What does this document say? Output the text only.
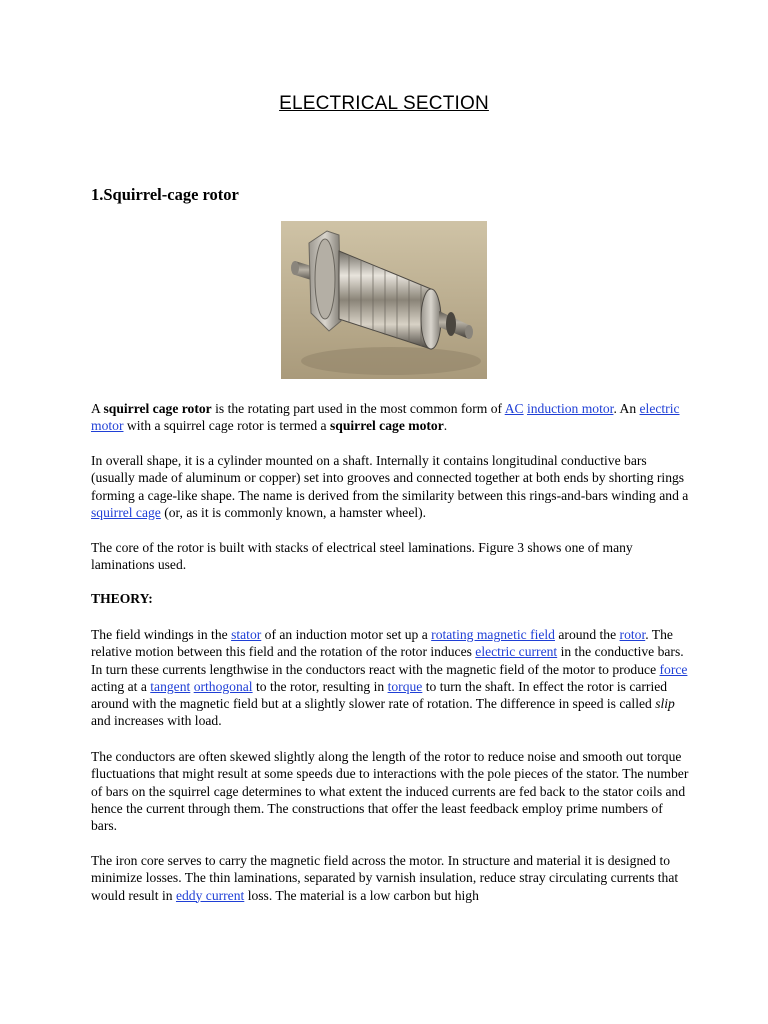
ELECTRICAL SECTION
1.Squirrel-cage rotor

A squirrel cage rotor is the rotating part used in the most common form of AC induction motor. An electric motor with a squirrel cage rotor is termed a squirrel cage motor.

In overall shape, it is a cylinder mounted on a shaft. Internally it contains longitudinal conductive bars (usually made of aluminum or copper) set into grooves and connected together at both ends by shorting rings forming a cage-like shape. The name is derived from the similarity between this rings-and-bars winding and a squirrel cage (or, as it is commonly known, a hamster wheel).

The core of the rotor is built with stacks of electrical steel laminations. Figure 3 shows one of many laminations used.

THEORY:

The field windings in the stator of an induction motor set up a rotating magnetic field around the rotor. The relative motion between this field and the rotation of the rotor induces electric current in the conductive bars. In turn these currents lengthwise in the conductors react with the magnetic field of the motor to produce force acting at a tangent orthogonal to the rotor, resulting in torque to turn the shaft. In effect the rotor is carried around with the magnetic field but at a slightly slower rate of rotation. The difference in speed is called slip and increases with load.

The conductors are often skewed slightly along the length of the rotor to reduce noise and smooth out torque fluctuations that might result at some speeds due to interactions with the pole pieces of the stator. The number of bars on the squirrel cage determines to what extent the induced currents are fed back to the stator coils and hence the current through them. The constructions that offer the least feedback employ prime numbers of bars.

The iron core serves to carry the magnetic field across the motor. In structure and material it is designed to minimize losses. The thin laminations, separated by varnish insulation, reduce stray circulating currents that would result in eddy current loss. The material is a low carbon but high
